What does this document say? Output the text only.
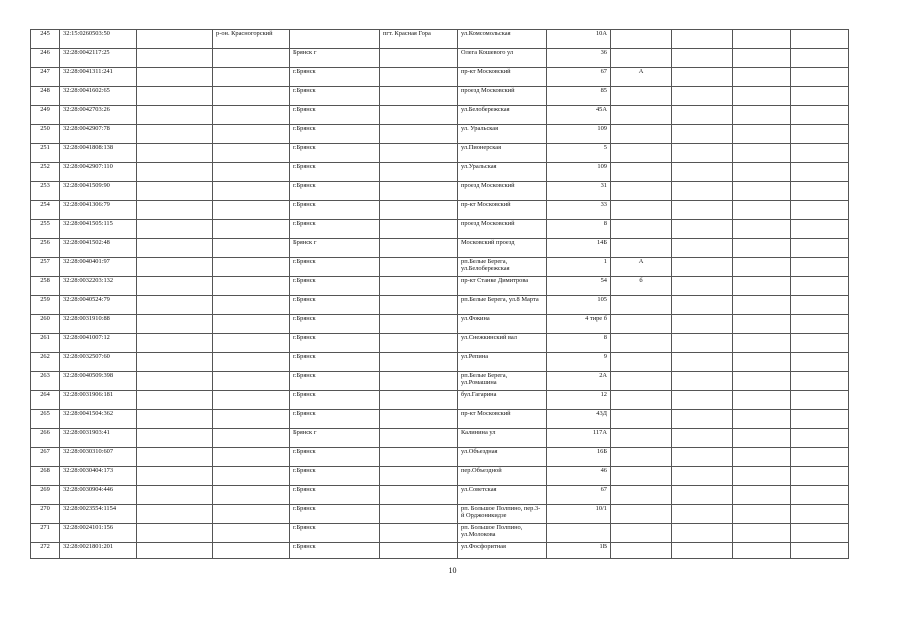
245	32:15:0260503:50		р-он. Красногорский		пгт. Красная Гора	ул.Комсомольская	10А				
246	32:28:0042117:25			Брянск г		Олега Кошевого ул	36				
247	32:28:0041311:241			г.Брянск		пр-кт Московский	67	А			
248	32:28:0041602:65			г.Брянск		проезд Московский	85				
249	32:28:0042703:26			г.Брянск		ул.Белобережская	45А				
250	32:28:0042907:78			г.Брянск		ул. Уральская	109				
251	32:28:0041808:138			г.Брянск		ул.Пионерская	5				
252	32:28:0042907:110			г.Брянск		ул.Уральская	109				
253	32:28:0041509:90			г.Брянск		проезд Московский	31				
254	32:28:0041306:79			г.Брянск		пр-кт Московский	33				
255	32:28:0041505:115			г.Брянск		проезд Московский	8				
256	32:28:0041502:48			Брянск г		Московский проезд	14Б				
257	32:28:0040401:97			г.Брянск		рп.Белые Берега, ул.Белобережская	1	А			
258	32:28:0032203:132			г.Брянск		пр-кт Станке Димитрова	54	б			
259	32:28:0040524:79			г.Брянск		рп.Белые Берега, ул.8 Марта	105				
260	32:28:0031910:88			г.Брянск		ул.Фокина	4 тире б				
261	32:28:0041007:12			г.Брянск		ул.Снежкинский вал	8				
262	32:28:0032507:60			г.Брянск		ул.Репина	9				
263	32:28:0040509:398			г.Брянск		рп.Белые Берега, ул.Ромашина	2А				
264	32:28:0031906:181			г.Брянск		бул.Гагарина	12				
265	32:28:0041504:362			г.Брянск		пр-кт Московский	43Д				
266	32:28:0031903:41			Брянск г		Калинина ул	117А				
267	32:28:0030310:607			г.Брянск		ул.Объездная	16Б				
268	32:28:0030404:173			г.Брянск		пер.Объездной	46				
269	32:28:0030904:446			г.Брянск		ул.Советская	67				
270	32:28:0023554:1154			г.Брянск		рп. Большое Полпино, пер.3-й Орджоникидзе	10/1				
271	32:28:0024101:156			г.Брянск		рп. Большое Полпино, ул.Молокова					
272	32:28:0021801:201			г.Брянск		ул.Фосфоритная	1В				
10
